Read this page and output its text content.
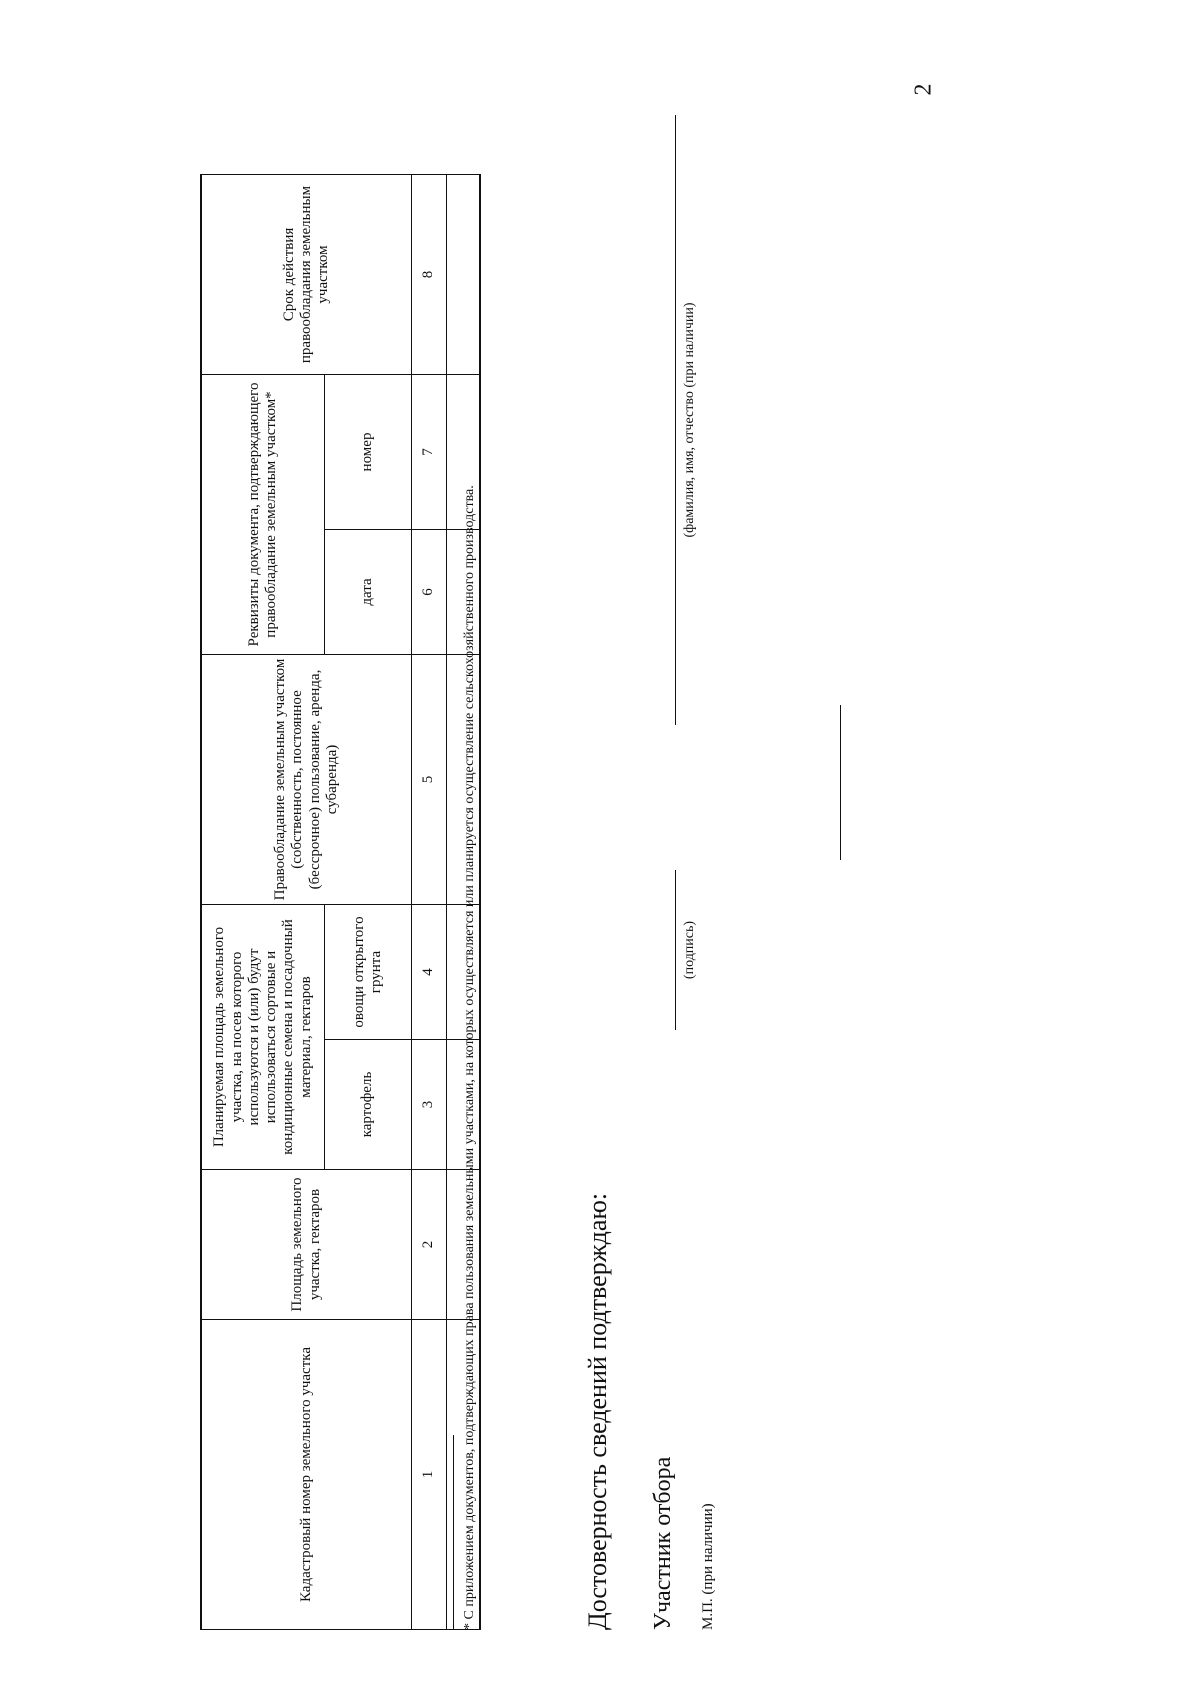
2
Кадастровый номер земельного участка	Площадь земельного участка, гектаров	Планируемая площадь земельного участка, на посев которого используются и (или) будут использоваться сортовые и кондиционные семена и посадочный материал, гектаров		Правообладание земельным участком (собственность, постоянное (бессрочное) пользование, аренда, субаренда)	Реквизиты документа, подтверждающего правообладание земельным участком*		Срок действия правообладания земельным участком
		картофель	овощи открытого грунта		дата	номер	
1	2	3	4	5	6	7	8

* С приложением документов, подтверждающих права пользования земельными участками, на которых осуществляется или планируется осуществление сельскохозяйственного производства.	Достоверность сведений подтверждаю: Участник отбора М.П. (при наличии)
(подпись)
(фамилия, имя, отчество (при наличии)
